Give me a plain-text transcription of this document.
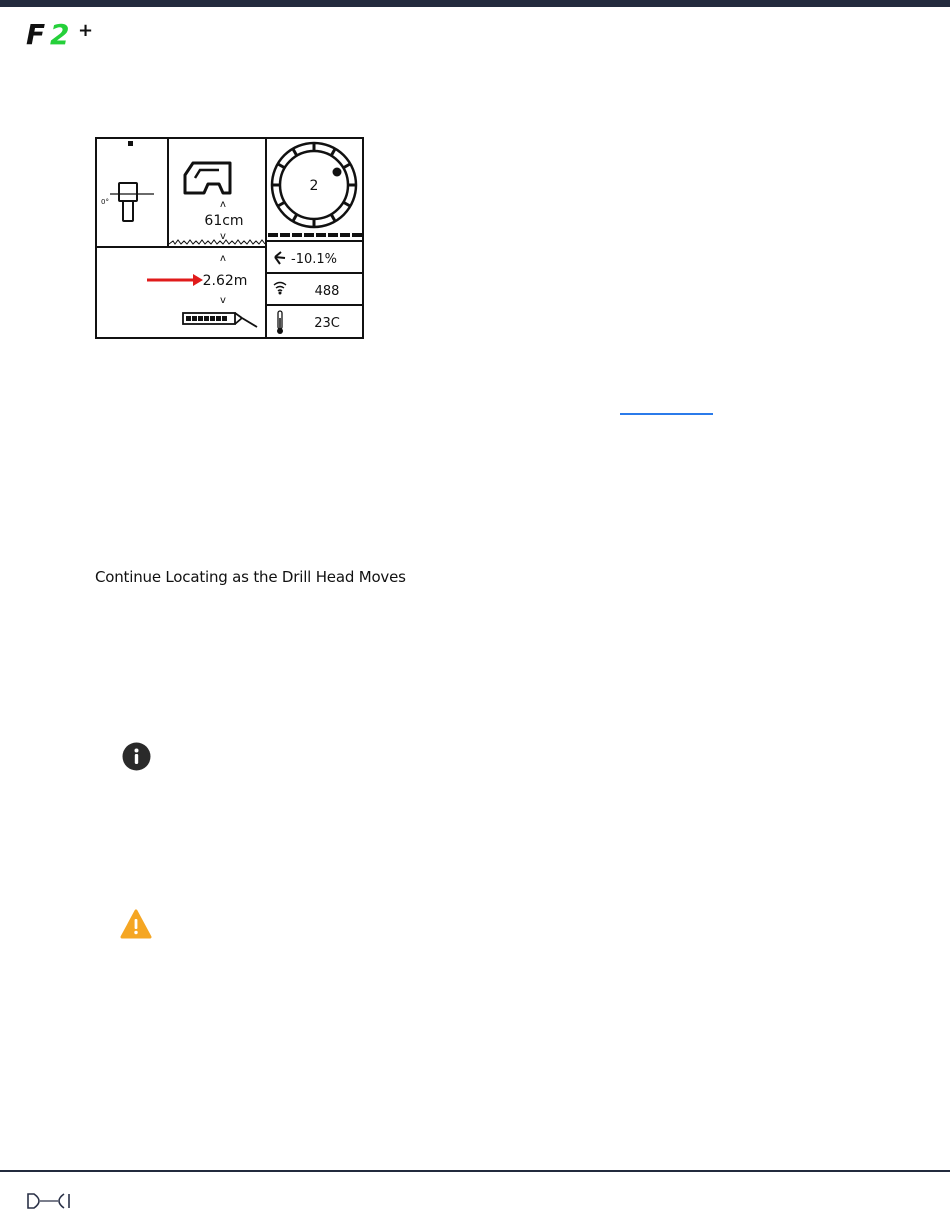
F 2 +
0°	ʌ
61cm
v
2
ʌ
2.62m
v
-10.1%
488
23C
Continue Locating as the Drill Head Moves
